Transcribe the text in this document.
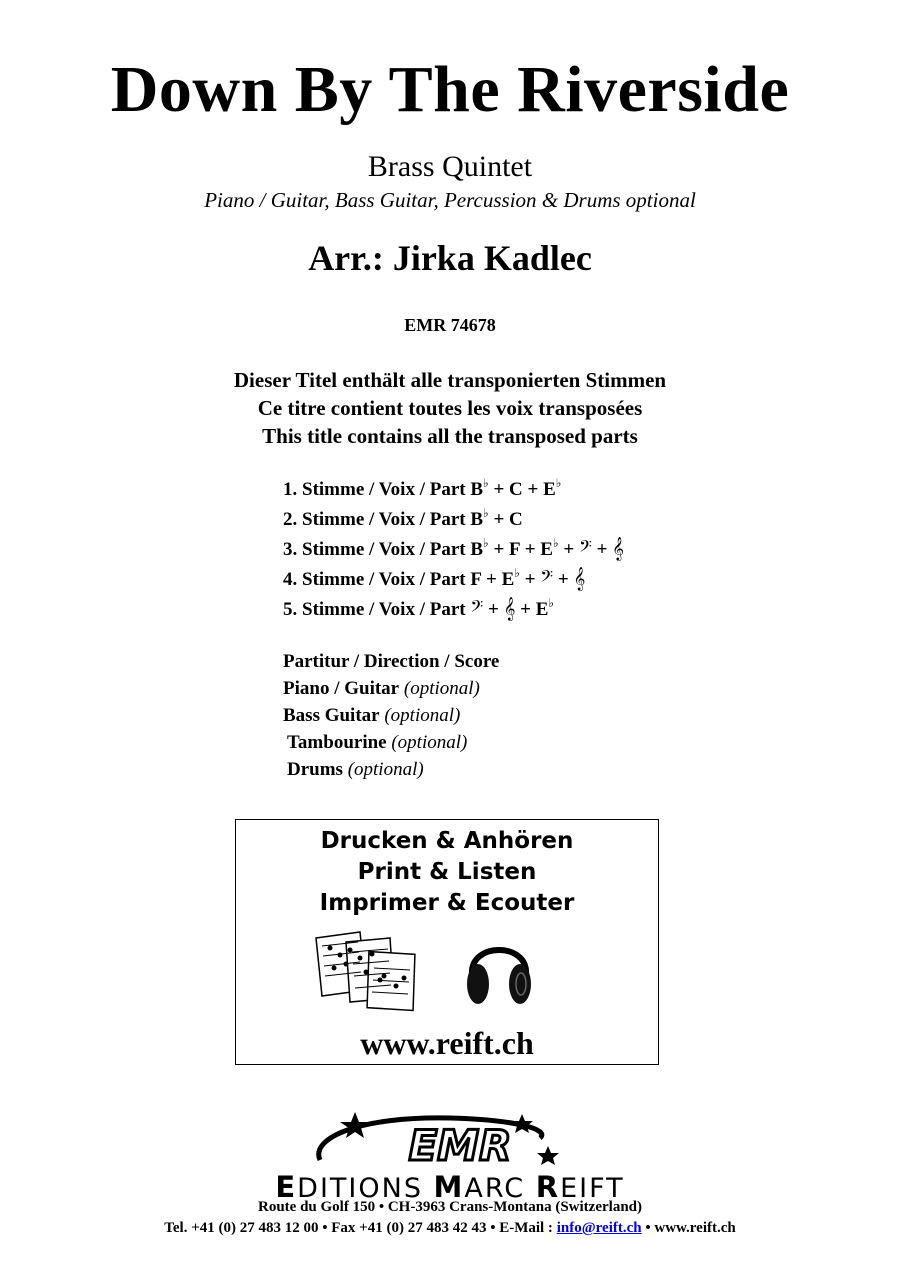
Down By The Riverside
Brass Quintet
Piano / Guitar, Bass Guitar, Percussion & Drums optional
Arr.: Jirka Kadlec
EMR 74678
Dieser Titel enthält alle transponierten Stimmen
Ce titre contient toutes les voix transposées
This title contains all the transposed parts
1. Stimme / Voix / Part B♭ + C + E♭
2. Stimme / Voix / Part B♭ + C
3. Stimme / Voix / Part B♭ + F + E♭ + 𝄢 + 𝄞
4. Stimme / Voix / Part F + E♭ + 𝄢 + 𝄞
5. Stimme / Voix / Part 𝄢 + 𝄞 + E♭
Partitur / Direction / Score
Piano / Guitar (optional)
Bass Guitar (optional)
Tambourine (optional)
Drums (optional)
Drucken & Anhören
Print & Listen
Imprimer & Ecouter
www.reift.ch
EMR
EDITIONS MARC REIFT
Route du Golf 150 • CH-3963 Crans-Montana (Switzerland)
Tel. +41 (0) 27 483 12 00 • Fax +41 (0) 27 483 42 43 • E-Mail : info@reift.ch • www.reift.ch
